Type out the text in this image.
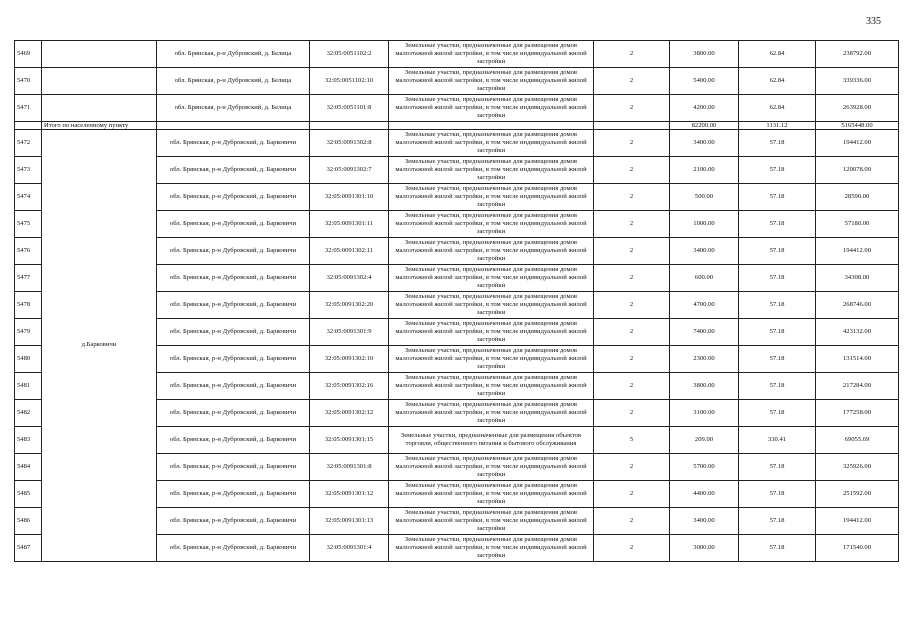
335
5469		обл. Брянская, р-н Дубровский, д. Белица	32:05:0051102:2	Земельные участки, предназначенные для размещения домов малоэтажной жилой застройки, в том числе индивидуальной жилой застройки	2	3800.00	62.84	238792.00
5470		обл. Брянская, р-н Дубровский, д. Белица	32:05:0051102:10	Земельные участки, предназначенные для размещения домов малоэтажной жилой застройки, в том числе индивидуальной жилой застройки	2	5400.00	62.84	339336.00
5471		обл. Брянская, р-н Дубровский, д. Белица	32:05:0051101:8	Земельные участки, предназначенные для размещения домов малоэтажной жилой застройки, в том числе индивидуальной жилой застройки	2	4200.00	62.84	263928.00
	Итого по населенному пункту					82200.00	1131.12	5165448.00
5472	д.Барковичи	обл. Брянская, р-н Дубровский, д. Барковичи	32:05:0091302:8	Земельные участки, предназначенные для размещения домов малоэтажной жилой застройки, в том числе индивидуальной жилой застройки	2	3400.00	57.18	194412.00
5473		обл. Брянская, р-н Дубровский, д. Барковичи	32:05:0091302:7	Земельные участки, предназначенные для размещения домов малоэтажной жилой застройки, в том числе индивидуальной жилой застройки	2	2100.00	57.18	120078.00
5474		обл. Брянская, р-н Дубровский, д. Барковичи	32:05:0091301:10	Земельные участки, предназначенные для размещения домов малоэтажной жилой застройки, в том числе индивидуальной жилой застройки	2	500.00	57.18	28590.00
5475		обл. Брянская, р-н Дубровский, д. Барковичи	32:05:0091301:11	Земельные участки, предназначенные для размещения домов малоэтажной жилой застройки, в том числе индивидуальной жилой застройки	2	1000.00	57.18	57180.00
5476		обл. Брянская, р-н Дубровский, д. Барковичи	32:05:0091302:11	Земельные участки, предназначенные для размещения домов малоэтажной жилой застройки, в том числе индивидуальной жилой застройки	2	3400.00	57.18	194412.00
5477		обл. Брянская, р-н Дубровский, д. Барковичи	32:05:0091302:4	Земельные участки, предназначенные для размещения домов малоэтажной жилой застройки, в том числе индивидуальной жилой застройки	2	600.00	57.18	34308.00
5478		обл. Брянская, р-н Дубровский, д. Барковичи	32:05:0091302:20	Земельные участки, предназначенные для размещения домов малоэтажной жилой застройки, в том числе индивидуальной жилой застройки	2	4700.00	57.18	268746.00
5479		обл. Брянская, р-н Дубровский, д. Барковичи	32:05:0091301:9	Земельные участки, предназначенные для размещения домов малоэтажной жилой застройки, в том числе индивидуальной жилой застройки	2	7400.00	57.18	423132.00
5480		обл. Брянская, р-н Дубровский, д. Барковичи	32:05:0091302:10	Земельные участки, предназначенные для размещения домов малоэтажной жилой застройки, в том числе индивидуальной жилой застройки	2	2300.00	57.18	131514.00
5481		обл. Брянская, р-н Дубровский, д. Барковичи	32:05:0091302:16	Земельные участки, предназначенные для размещения домов малоэтажной жилой застройки, в том числе индивидуальной жилой застройки	2	3800.00	57.18	217284.00
5482		обл. Брянская, р-н Дубровский, д. Барковичи	32:05:0091302:12	Земельные участки, предназначенные для размещения домов малоэтажной жилой застройки, в том числе индивидуальной жилой застройки	2	3100.00	57.18	177258.00
5483		обл. Брянская, р-н Дубровский, д. Барковичи	32:05:0091301:15	Земельные участки, предназначенные для размещения объектов торговли, общественного питания и бытового обслуживания	5	209.00	330.41	69055.69
5484		обл. Брянская, р-н Дубровский, д. Барковичи	32:05:0091301:8	Земельные участки, предназначенные для размещения домов малоэтажной жилой застройки, в том числе индивидуальной жилой застройки	2	5700.00	57.18	325926.00
5485		обл. Брянская, р-н Дубровский, д. Барковичи	32:05:0091301:12	Земельные участки, предназначенные для размещения домов малоэтажной жилой застройки, в том числе индивидуальной жилой застройки	2	4400.00	57.18	251592.00
5486		обл. Брянская, р-н Дубровский, д. Барковичи	32:05:0091301:13	Земельные участки, предназначенные для размещения домов малоэтажной жилой застройки, в том числе индивидуальной жилой застройки	2	3400.00	57.18	194412.00
5487		обл. Брянская, р-н Дубровский, д. Барковичи	32:05:0091301:4	Земельные участки, предназначенные для размещения домов малоэтажной жилой застройки, в том числе индивидуальной жилой застройки	2	3000.00	57.18	171540.00
